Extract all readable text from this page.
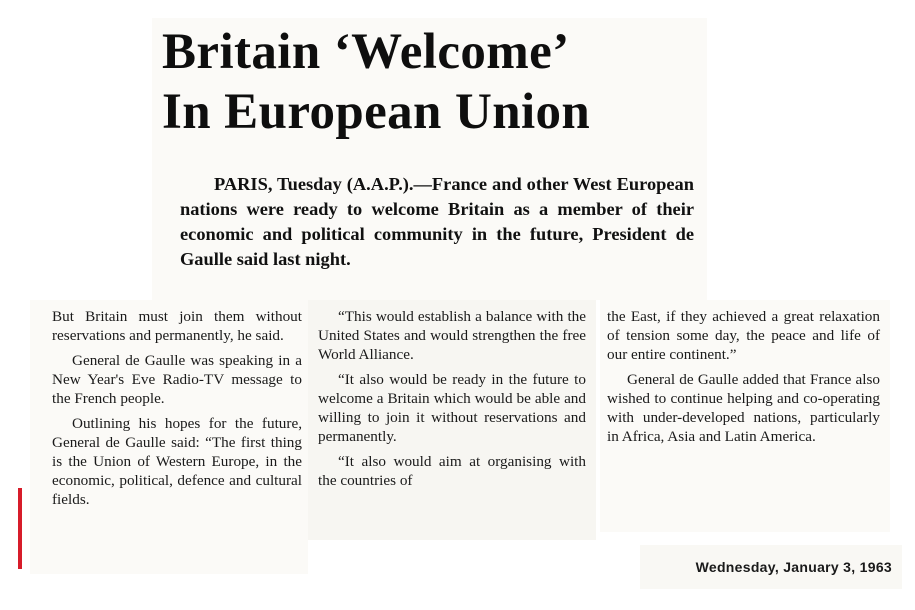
Britain ‘Welcome’
In European Union

PARIS, Tuesday (A.A.P.).—France and other West European nations were ready to welcome Britain as a member of their economic and political community in the future, President de Gaulle said last night.

But Britain must join them without reservations and permanently, he said.

General de Gaulle was speaking in a New Year's Eve Radio-TV message to the French people.

Outlining his hopes for the future, General de Gaulle said: “The first thing is the Union of Western Europe, in the economic, political, defence and cultural fields.

“This would establish a balance with the United States and would strengthen the free World Alliance.

“It also would be ready in the future to welcome a Britain which would be able and willing to join it without reservations and permanently.

“It also would aim at organising with the countries of

the East, if they achieved a great relaxation of tension some day, the peace and life of our entire continent.”

General de Gaulle added that France also wished to continue helping and co-operating with under-developed nations, particularly in Africa, Asia and Latin America.

Wednesday, January 3, 1963
